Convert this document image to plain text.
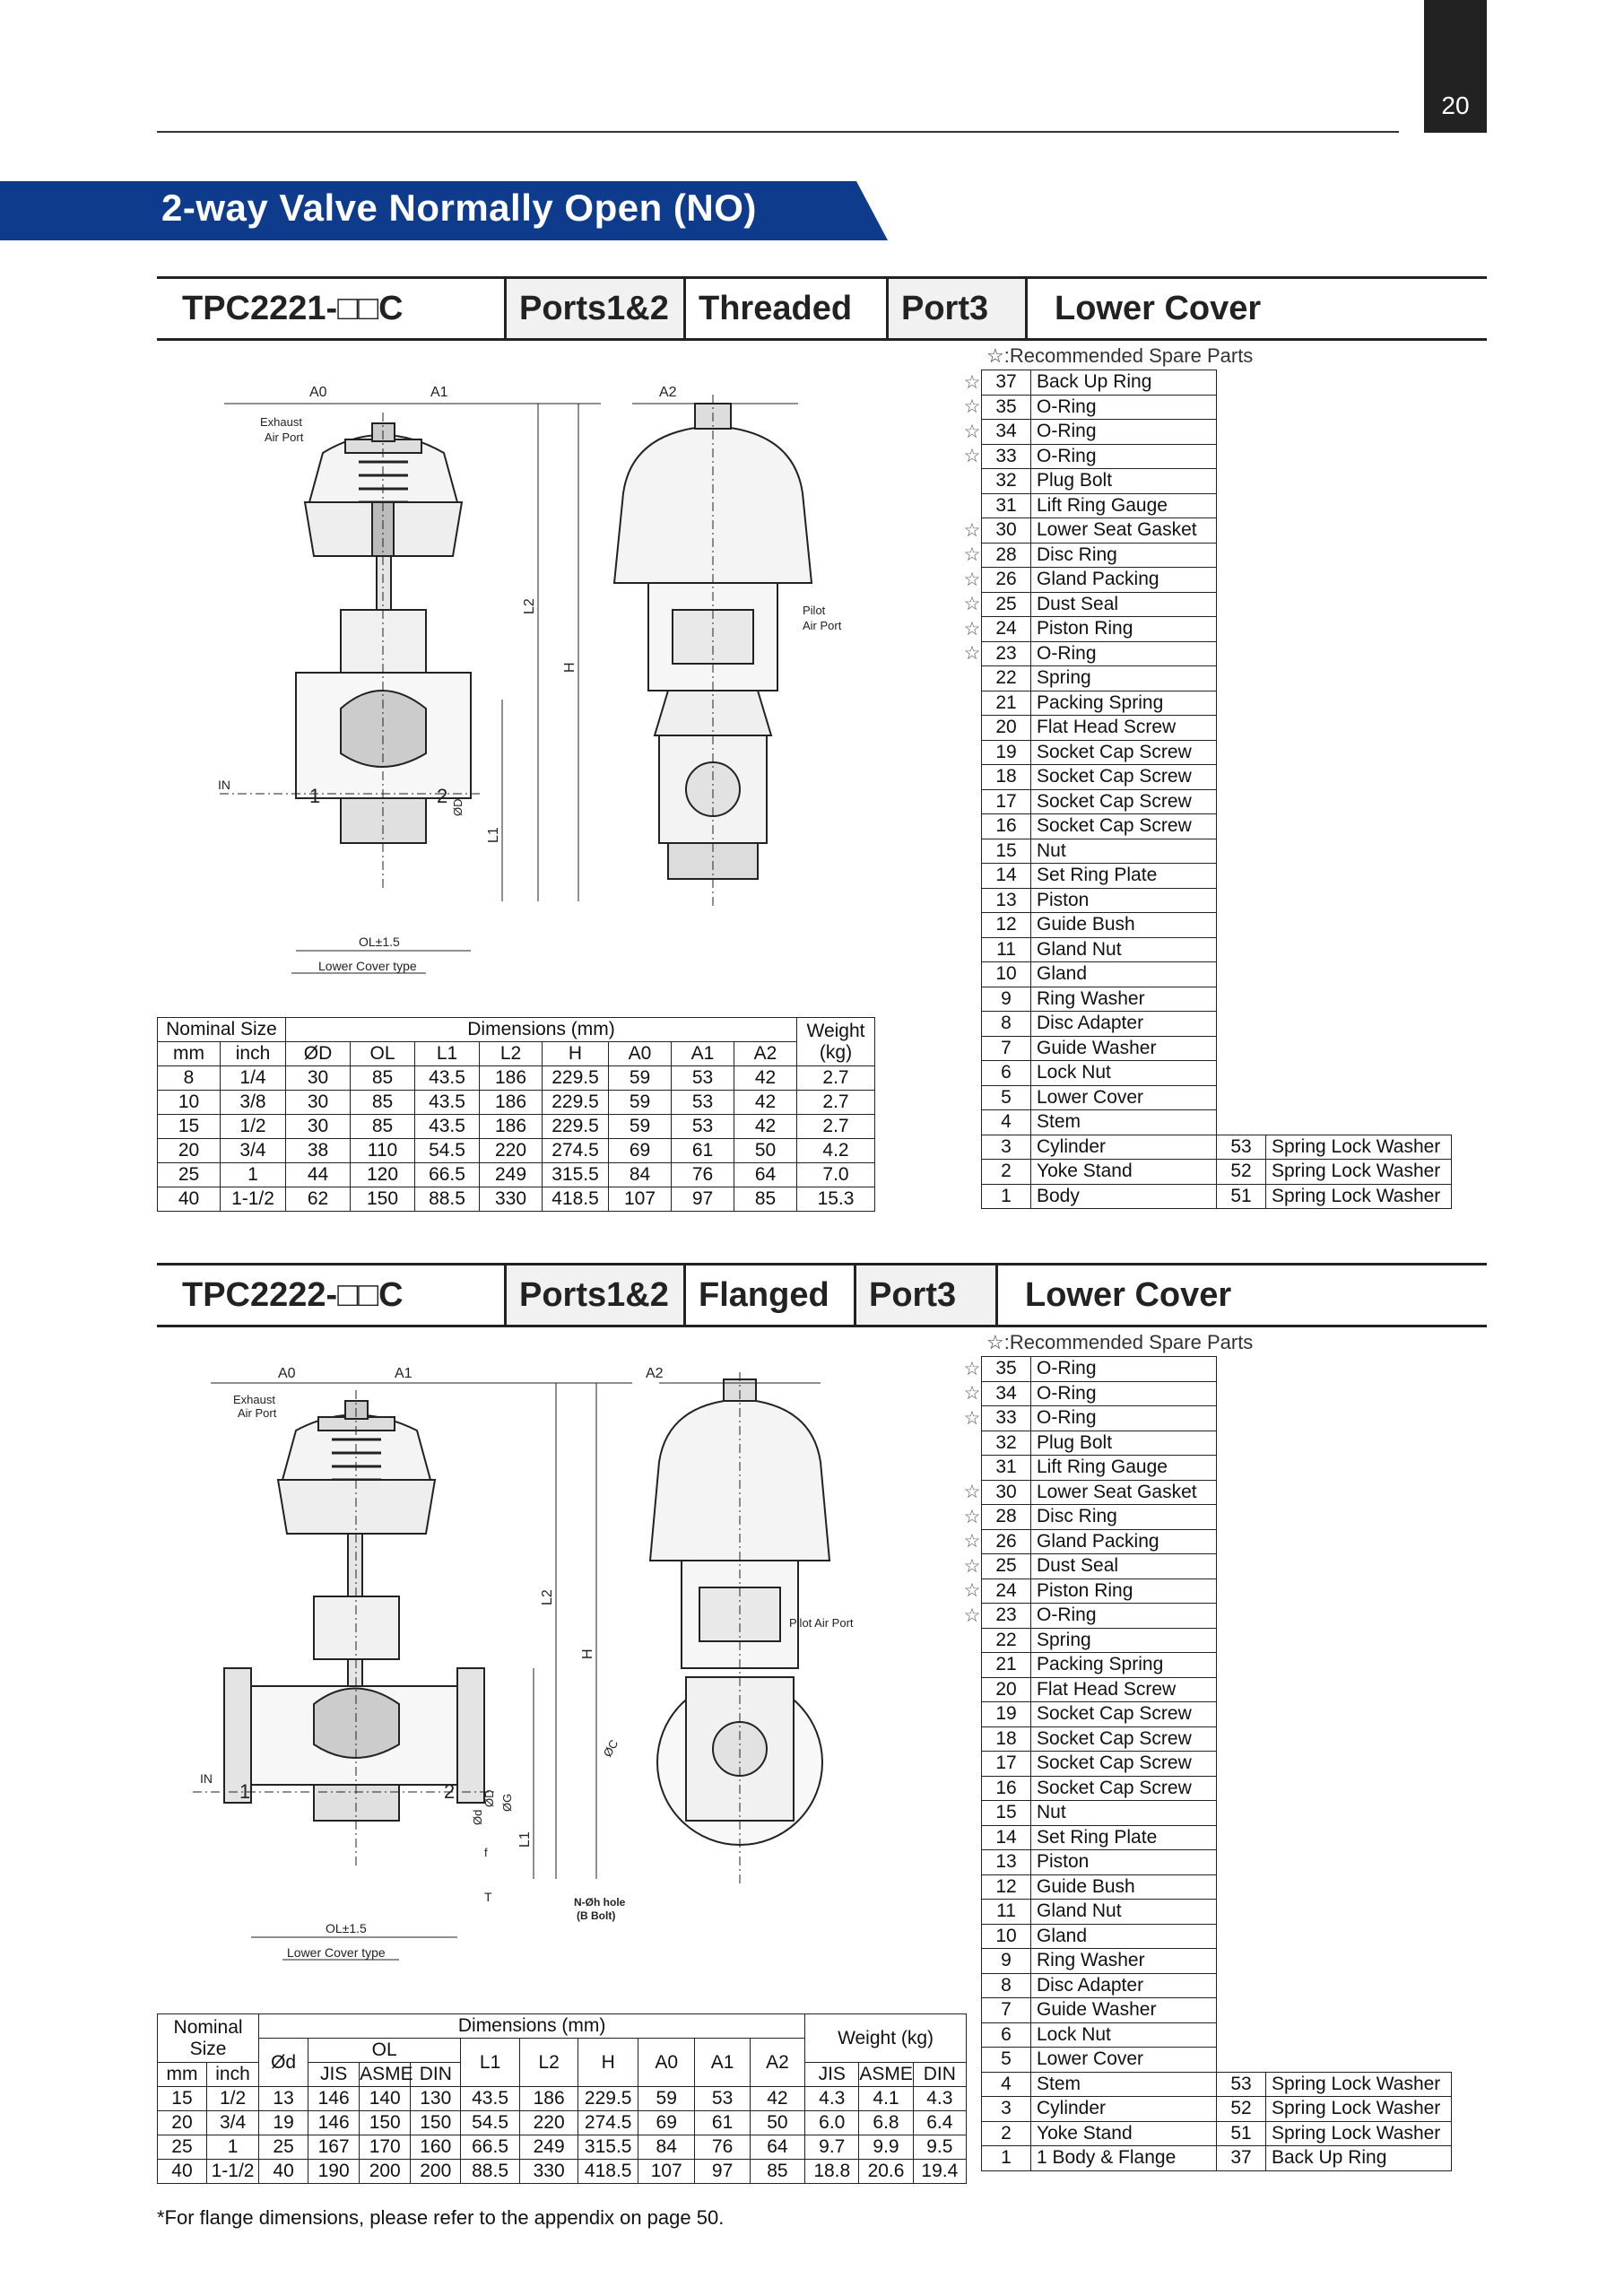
20
2-way Valve Normally Open (NO)
TPC2221-□□C	Ports1&2 Threaded	Port3	Lower Cover
A0	A1	A2
L2
H
L1
ØD
Exhaust
Air Port
Pilot
Air Port
IN	1	2
OL±1.5
Lower Cover type
Nominal Size		Dimensions (mm)								Weight (kg)
mm	inch	ØD	OL	L1	L2	H	A0	A1	A2	
8	1/4	30	85	43.5	186	229.5	59	53	42	2.7
10	3/8	30	85	43.5	186	229.5	59	53	42	2.7
15	1/2	30	85	43.5	186	229.5	59	53	42	2.7
20	3/4	38	110	54.5	220	274.5	69	61	50	4.2
25	1	44	120	66.5	249	315.5	84	76	64	7.0
40	1-1/2	62	150	88.5	330	418.5	107	97	85	15.3
☆:Recommended Spare Parts
☆	37	Back Up Ring		
☆	35	O-Ring		
☆	34	O-Ring		
☆	33	O-Ring		
	32	Plug Bolt		
	31	Lift Ring Gauge		
☆	30	Lower Seat Gasket		
☆	28	Disc Ring		
☆	26	Gland Packing		
☆	25	Dust Seal		
☆	24	Piston Ring		
☆	23	O-Ring		
	22	Spring		
	21	Packing Spring		
	20	Flat Head Screw		
	19	Socket Cap Screw		
	18	Socket Cap Screw		
	17	Socket Cap Screw		
	16	Socket Cap Screw		
	15	Nut		
	14	Set Ring Plate		
	13	Piston		
	12	Guide Bush		
	11	Gland Nut		
	10	Gland		
	9	Ring Washer		
	8	Disc Adapter		
	7	Guide Washer		
	6	Lock Nut		
	5	Lower Cover		
	4	Stem		
	3	Cylinder	53	Spring Lock Washer
	2	Yoke Stand	52	Spring Lock Washer
	1	Body	51	Spring Lock Washer
TPC2222-□□C	Ports1&2 Flanged	Port3	Lower Cover
A0	A1	A2
L2
H
L1
ØD ØG
Ød
ØC
f
T
Exhaust
Air Port
Pilot Air Port
IN
1	2
N-Øh hole
(B Bolt)
OL±1.5
Lower Cover type
Nominal Size		Dimensions (mm)										Weight (kg)		
		Ød	OL			L1	L2	H	A0	A1	A2			
mm	inch		JIS	ASME	DIN							JIS	ASME	DIN
15	1/2	13	146	140	130	43.5	186	229.5	59	53	42	4.3	4.1	4.3
20	3/4	19	146	150	150	54.5	220	274.5	69	61	50	6.0	6.8	6.4
25	1	25	167	170	160	66.5	249	315.5	84	76	64	9.7	9.9	9.5
40	1-1/2	40	190	200	200	88.5	330	418.5	107	97	85	18.8	20.6	19.4
*For flange dimensions, please refer to the appendix on page 50.
☆:Recommended Spare Parts
☆	35	O-Ring		
☆	34	O-Ring		
☆	33	O-Ring		
	32	Plug Bolt		
	31	Lift Ring Gauge		
☆	30	Lower Seat Gasket		
☆	28	Disc Ring		
☆	26	Gland Packing		
☆	25	Dust Seal		
☆	24	Piston Ring		
☆	23	O-Ring		
	22	Spring		
	21	Packing Spring		
	20	Flat Head Screw		
	19	Socket Cap Screw		
	18	Socket Cap Screw		
	17	Socket Cap Screw		
	16	Socket Cap Screw		
	15	Nut		
	14	Set Ring Plate		
	13	Piston		
	12	Guide Bush		
	11	Gland Nut		
	10	Gland		
	9	Ring Washer		
	8	Disc Adapter		
	7	Guide Washer		
	6	Lock Nut		
	5	Lower Cover		
	4	Stem	53	Spring Lock Washer
	3	Cylinder	52	Spring Lock Washer
	2	Yoke Stand	51	Spring Lock Washer
	1	1 Body & Flange	37	Back Up Ring
